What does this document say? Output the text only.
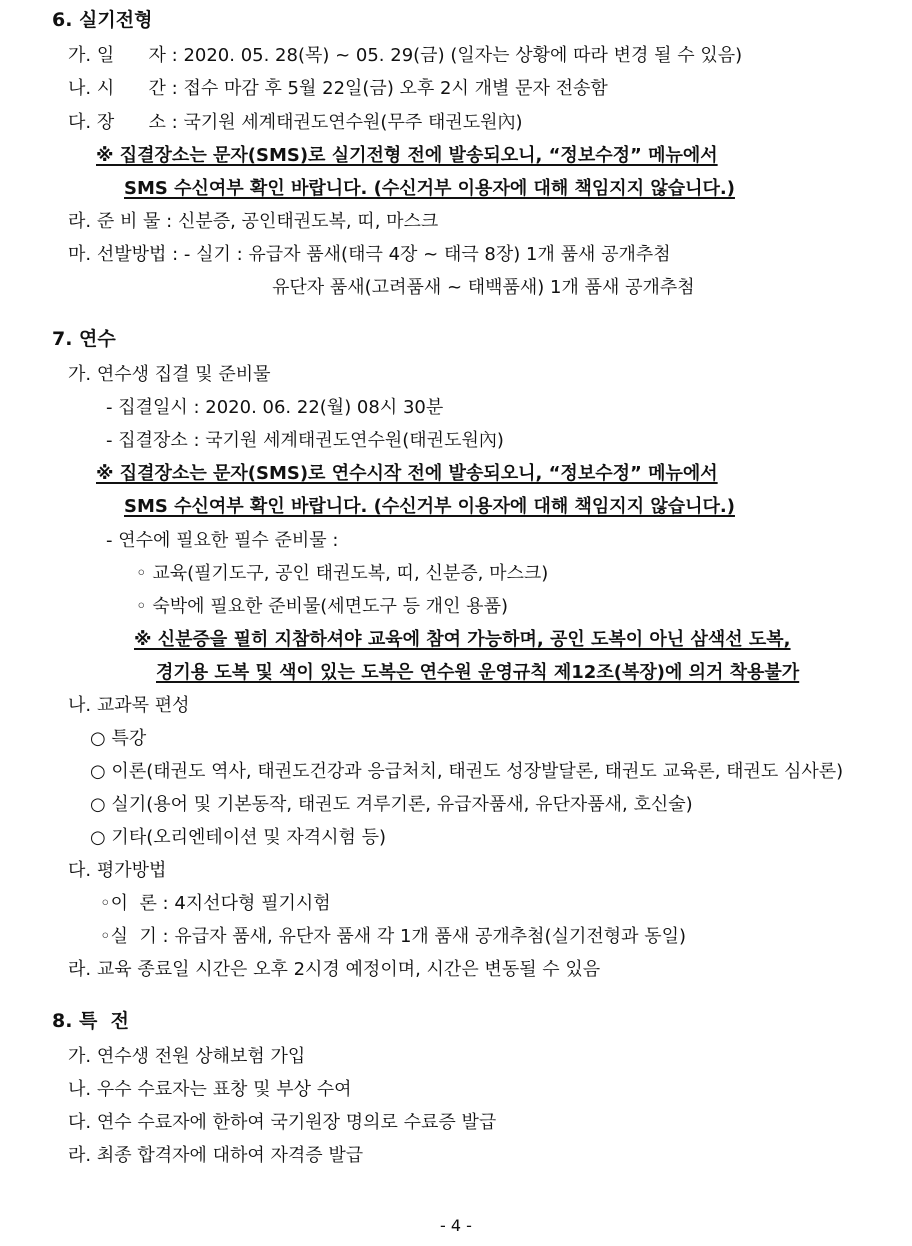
6. 실기전형
가. 일      자 : 2020. 05. 28(목) ~ 05. 29(금) (일자는 상황에 따라 변경 될 수 있음)
나. 시      간 : 접수 마감 후 5월 22일(금) 오후 2시 개별 문자 전송함
다. 장      소 : 국기원 세계태권도연수원(무주 태권도원內)
※ 집결장소는 문자(SMS)로 실기전형 전에 발송되오니, “정보수정” 메뉴에서
SMS 수신여부 확인 바랍니다. (수신거부 이용자에 대해 책임지지 않습니다.)
라. 준 비 물 : 신분증, 공인태권도복, 띠, 마스크
마. 선발방법 : - 실기 : 유급자 품새(태극 4장 ~ 태극 8장) 1개 품새 공개추첨
유단자 품새(고려품새 ~ 태백품새) 1개 품새 공개추첨
7. 연수
가. 연수생 집결 및 준비물
- 집결일시 : 2020. 06. 22(월) 08시 30분
- 집결장소 : 국기원 세계태권도연수원(태권도원內)
※ 집결장소는 문자(SMS)로 연수시작 전에 발송되오니, “정보수정” 메뉴에서
SMS 수신여부 확인 바랍니다. (수신거부 이용자에 대해 책임지지 않습니다.)
- 연수에 필요한 필수 준비물 :
◦ 교육(필기도구, 공인 태권도복, 띠, 신분증, 마스크)
◦ 숙박에 필요한 준비물(세면도구 등 개인 용품)
※ 신분증을 필히 지참하셔야 교육에 참여 가능하며, 공인 도복이 아닌 삼색선 도복,
경기용 도복 및 색이 있는 도복은 연수원 운영규칙 제12조(복장)에 의거 착용불가
나. 교과목 편성
○ 특강
○ 이론(태권도 역사, 태권도건강과 응급처치, 태권도 성장발달론, 태권도 교육론, 태권도 심사론)
○ 실기(용어 및 기본동작, 태권도 겨루기론, 유급자품새, 유단자품새, 호신술)
○ 기타(오리엔테이션 및 자격시험 등)
다. 평가방법
◦이  론 : 4지선다형 필기시험
◦실  기 : 유급자 품새, 유단자 품새 각 1개 품새 공개추첨(실기전형과 동일)
라. 교육 종료일 시간은 오후 2시경 예정이며, 시간은 변동될 수 있음
8. 특  전
가. 연수생 전원 상해보험 가입
나. 우수 수료자는 표창 및 부상 수여
다. 연수 수료자에 한하여 국기원장 명의로 수료증 발급
라. 최종 합격자에 대하여 자격증 발급
- 4 -
